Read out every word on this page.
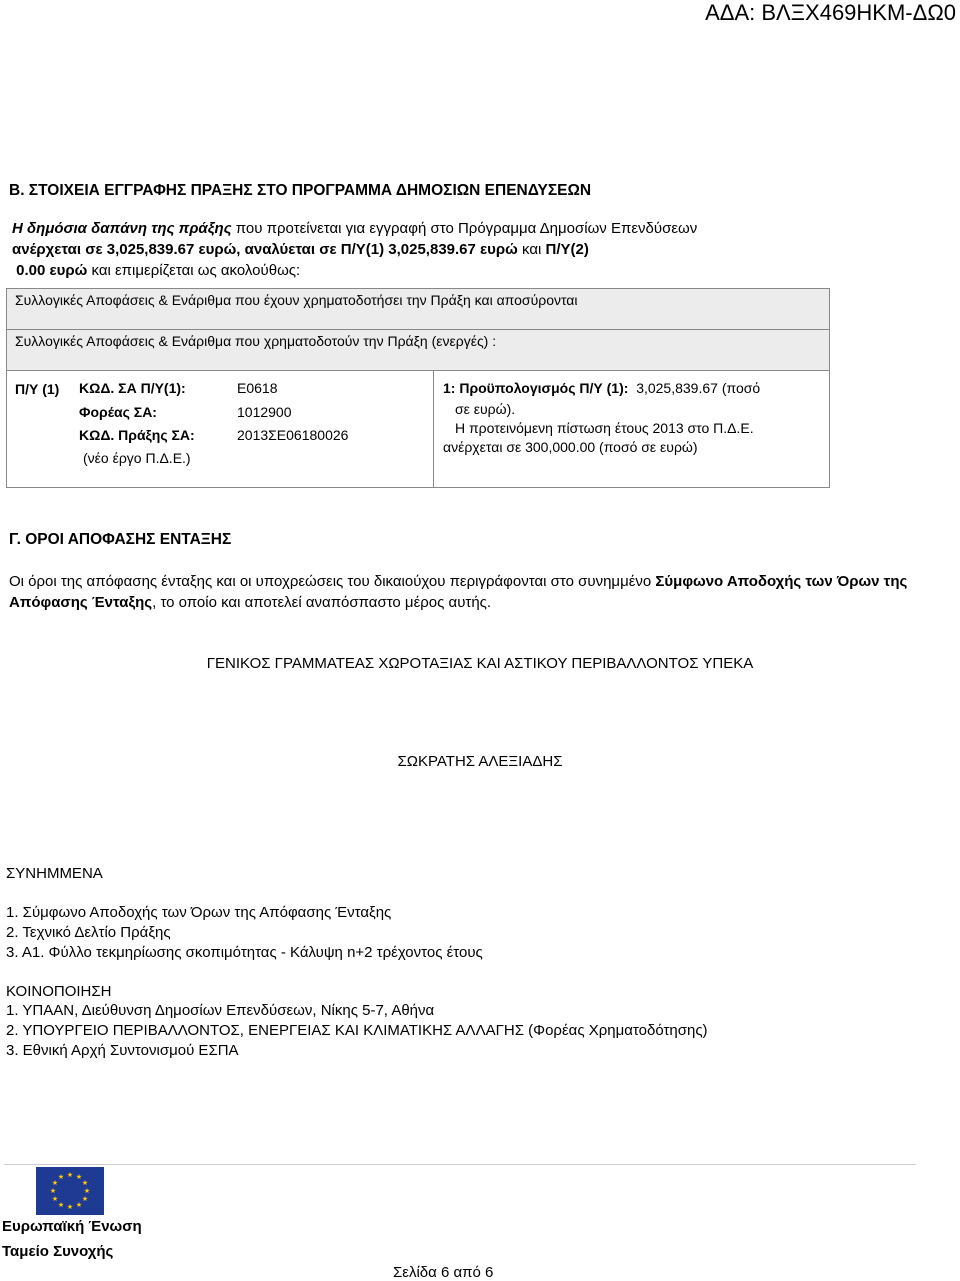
ΑΔΑ: ΒΛΞΧ469ΗΚΜ-ΔΩ0
Β. ΣΤΟΙΧΕΙΑ ΕΓΓΡΑΦΗΣ ΠΡΑΞΗΣ ΣΤΟ ΠΡΟΓΡΑΜΜΑ ΔΗΜΟΣΙΩΝ ΕΠΕΝΔΥΣΕΩΝ
Η δημόσια δαπάνη της πράξης που προτείνεται για εγγραφή στο Πρόγραμμα Δημοσίων Επενδύσεων
ανέρχεται σε 3,025,839.67 ευρώ, αναλύεται σε Π/Υ(1) 3,025,839.67 ευρώ και Π/Υ(2)
0.00 ευρώ και επιμερίζεται ως ακολούθως:
Συλλογικές Αποφάσεις & Ενάριθμα που έχουν χρηματοδοτήσει την Πράξη και αποσύρονται
Συλλογικές Αποφάσεις & Ενάριθμα που χρηματοδοτούν την Πράξη (ενεργές) :
Π/Υ (1) ΚΩΔ. ΣΑ Π/Υ(1):	Ε0618
Φορέας ΣΑ:	1012900
ΚΩΔ. Πράξης ΣΑ:	2013ΣΕ06180026
(νέο έργο Π.Δ.Ε.)
1: Προϋπολογισμός Π/Υ (1): 3,025,839.67 (ποσό
σε ευρώ).
Η προτεινόμενη πίστωση έτους 2013 στο Π.Δ.Ε.
ανέρχεται σε 300,000.00 (ποσό σε ευρώ)
Γ. ΟΡΟΙ ΑΠΟΦΑΣΗΣ ΕΝΤΑΞΗΣ
Οι όροι της απόφασης ένταξης και οι υποχρεώσεις του δικαιούχου περιγράφονται στο συνημμένο Σύμφωνο Αποδοχής των Όρων της Απόφασης Ένταξης, το οποίο και αποτελεί αναπόσπαστο μέρος αυτής.
ΓΕΝΙΚΟΣ ΓΡΑΜΜΑΤΕΑΣ ΧΩΡΟΤΑΞΙΑΣ ΚΑΙ ΑΣΤΙΚΟΥ ΠΕΡΙΒΑΛΛΟΝΤΟΣ ΥΠΕΚΑ
ΣΩΚΡΑΤΗΣ ΑΛΕΞΙΑΔΗΣ
ΣΥΝΗΜΜΕΝΑ
1. Σύμφωνο Αποδοχής των Όρων της Απόφασης Ένταξης
2. Τεχνικό Δελτίο Πράξης
3. Α1. Φύλλο τεκμηρίωσης σκοπιμότητας - Κάλυψη n+2 τρέχοντος έτους
ΚΟΙΝΟΠΟΙΗΣΗ
1. ΥΠΑΑΝ, Διεύθυνση Δημοσίων Επενδύσεων, Νίκης 5-7, Αθήνα
2. ΥΠΟΥΡΓΕΙΟ ΠΕΡΙΒΑΛΛΟΝΤΟΣ, ΕΝΕΡΓΕΙΑΣ ΚΑΙ ΚΛΙΜΑΤΙΚΗΣ ΑΛΛΑΓΗΣ (Φορέας Χρηματοδότησης)
3. Εθνική Αρχή Συντονισμού ΕΣΠΑ
★ ★
★
★
★
★
★
★
★
★
★
★
Ευρωπαϊκή Ένωση
Ταμείο Συνοχής
Σελίδα 6 από 6
